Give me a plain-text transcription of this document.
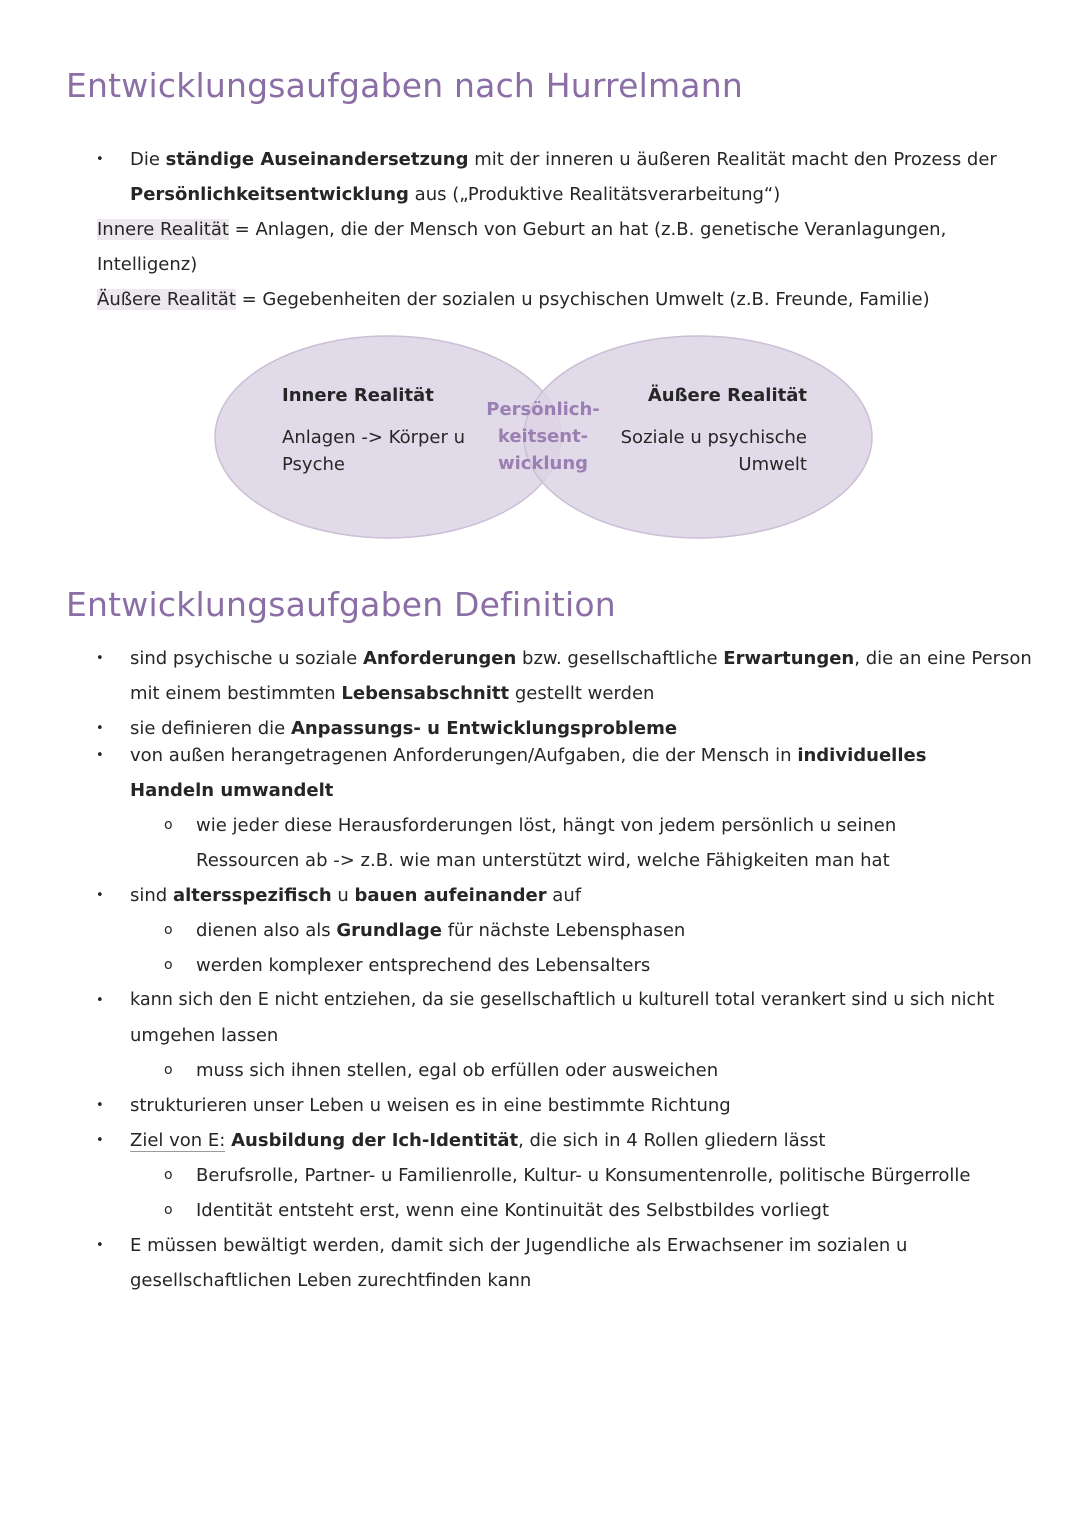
Entwicklungsaufgaben nach Hurrelmann
• Die ständige Auseinandersetzung mit der inneren u äußeren Realität macht den Prozess der
Persönlichkeitsentwicklung aus („Produktive Realitätsverarbeitung“)
Innere Realität = Anlagen, die der Mensch von Geburt an hat (z.B. genetische Veranlagungen,
Intelligenz)
Äußere Realität = Gegebenheiten der sozialen u psychischen Umwelt (z.B. Freunde, Familie)
Innere Realität
Anlagen -> Körper u
Psyche
Persönlich-
keitsent-
wicklung
Äußere Realität
Soziale u psychische
Umwelt
Entwicklungsaufgaben Definition
• sind psychische u soziale Anforderungen bzw. gesellschaftliche Erwartungen, die an eine Person
mit einem bestimmten Lebensabschnitt gestellt werden
• sie definieren die Anpassungs- u Entwicklungsprobleme
• von außen herangetragenen Anforderungen/Aufgaben, die der Mensch in individuelles
Handeln umwandelt
o wie jeder diese Herausforderungen löst, hängt von jedem persönlich u seinen
Ressourcen ab -> z.B. wie man unterstützt wird, welche Fähigkeiten man hat
• sind altersspezifisch u bauen aufeinander auf
o dienen also als Grundlage für nächste Lebensphasen
o werden komplexer entsprechend des Lebensalters
• kann sich den E nicht entziehen, da sie gesellschaftlich u kulturell total verankert sind u sich nicht
umgehen lassen
o muss sich ihnen stellen, egal ob erfüllen oder ausweichen
• strukturieren unser Leben u weisen es in eine bestimmte Richtung
• Ziel von E: Ausbildung der Ich-Identität, die sich in 4 Rollen gliedern lässt
o Berufsrolle, Partner- u Familienrolle, Kultur- u Konsumentenrolle, politische Bürgerrolle
o Identität entsteht erst, wenn eine Kontinuität des Selbstbildes vorliegt
• E müssen bewältigt werden, damit sich der Jugendliche als Erwachsener im sozialen u
gesellschaftlichen Leben zurechtfinden kann
